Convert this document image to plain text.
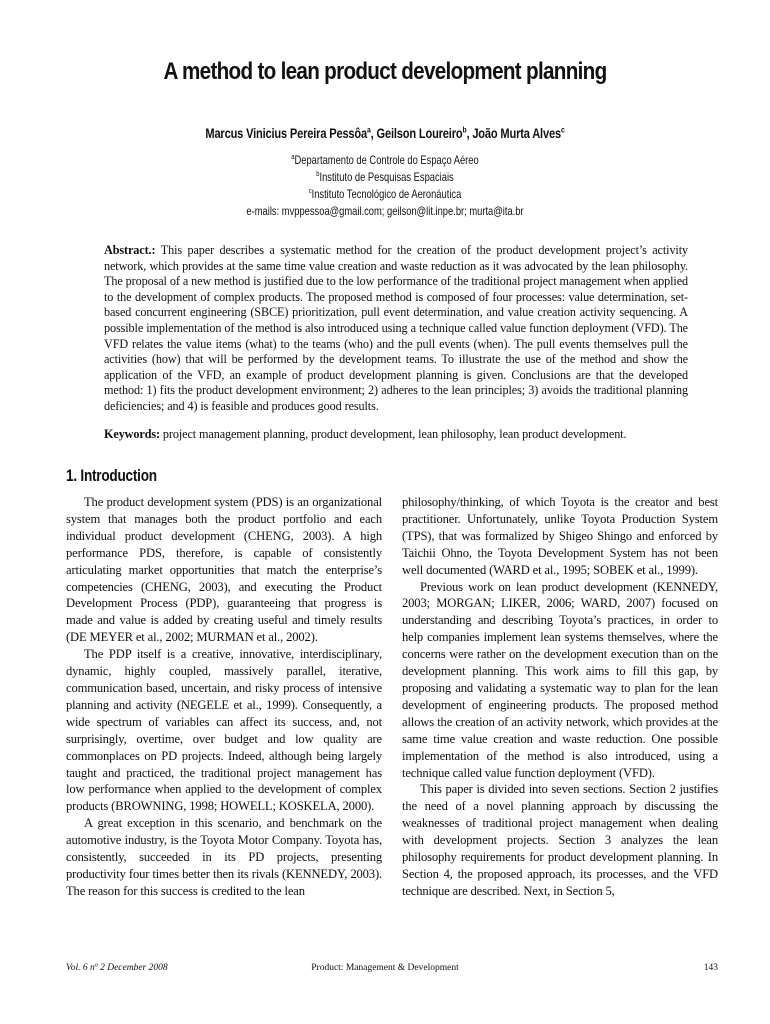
A method to lean product development planning
Marcus Vinicius Pereira Pessôa$^a$, Geilson Loureiro$^b$, João Murta Alves$^c$
$^a$Departamento de Controle do Espaço Aéreo
$^b$Instituto de Pesquisas Espaciais
$^c$Instituto Tecnológico de Aeronáutica
e-mails: mvppessoa@gmail.com; geilson@lit.inpe.br; murta@ita.br
Abstract.: This paper describes a systematic method for the creation of the product development project’s activity network, which provides at the same time value creation and waste reduction as it was advocated by the lean philosophy. The proposal of a new method is justified due to the low performance of the traditional project management when applied to the development of complex products. The proposed method is composed of four processes: value determination, set-based concurrent engineering (SBCE) prioritization, pull event determination, and value creation activity sequencing. A possible implementation of the method is also introduced using a technique called value function deployment (VFD). The VFD relates the value items (what) to the teams (who) and the pull events (when). The pull events themselves pull the activities (how) that will be performed by the development teams. To illustrate the use of the method and show the application of the VFD, an example of product development planning is given. Conclusions are that the developed method: 1) fits the product development environment; 2) adheres to the lean principles; 3) avoids the traditional planning deficiencies; and 4) is feasible and produces good results.
Keywords: project management planning, product development, lean philosophy, lean product development.
1. Introduction

The product development system (PDS) is an organizational system that manages both the product portfolio and each individual product development (CHENG, 2003). A high performance PDS, therefore, is capable of consistently articulating market opportunities that match the enterprise’s competencies (CHENG, 2003), and executing the Product Development Process (PDP), guaranteeing that progress is made and value is added by creating useful and timely results (DE MEYER et al., 2002; MURMAN et al., 2002).

The PDP itself is a creative, innovative, interdisciplinary, dynamic, highly coupled, massively parallel, iterative, communication based, uncertain, and risky process of intensive planning and activity (NEGELE et al., 1999). Consequently, a wide spectrum of variables can affect its success, and, not surprisingly, overtime, over budget and low quality are commonplaces on PD projects. Indeed, although being largely taught and practiced, the traditional project management has low performance when applied to the development of complex products (BROWNING, 1998; HOWELL; KOSKELA, 2000).

A great exception in this scenario, and benchmark on the automotive industry, is the Toyota Motor Company. Toyota has, consistently, succeeded in its PD projects, presenting productivity four times better then its rivals (KENNEDY, 2003). The reason for this success is credited to the lean

philosophy/thinking, of which Toyota is the creator and best practitioner. Unfortunately, unlike Toyota Production System (TPS), that was formalized by Shigeo Shingo and enforced by Taichii Ohno, the Toyota Development System has not been well documented (WARD et al., 1995; SOBEK et al., 1999).

Previous work on lean product development (KENNEDY, 2003; MORGAN; LIKER, 2006; WARD, 2007) focused on understanding and describing Toyota’s practices, in order to help companies implement lean systems themselves, where the concerns were rather on the development execution than on the development planning. This work aims to fill this gap, by proposing and validating a systematic way to plan for the lean development of engineering products. The proposed method allows the creation of an activity network, which provides at the same time value creation and waste reduction. One possible implementation of the method is also introduced, using a technique called value function deployment (VFD).

This paper is divided into seven sections. Section 2 justifies the need of a novel planning approach by discussing the weaknesses of traditional project management when dealing with development projects. Section 3 analyzes the lean philosophy requirements for product development planning. In Section 4, the proposed approach, its processes, and the VFD technique are described. Next, in Section 5,

Vol. 6 nº 2 December 2008	Product: Management & Development	143
